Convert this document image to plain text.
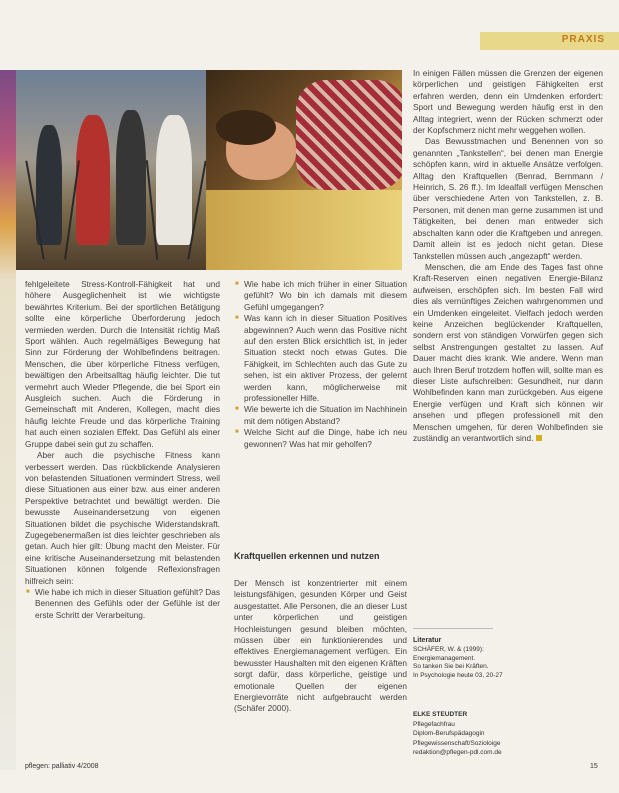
PRAXIS

fehlgeleitete Stress-Kontroll-Fähigkeit hat und höhere Ausgeglichenheit ist wie wichtigste bewährtes Kriterium. Bei der sportlichen Betätigung sollte eine körperliche Überforderung jedoch vermieden werden. Durch die Intensität richtig Maß Sport wählen. Auch regelmäßiges Bewegung hat Sinn zur Förderung der Wohlbefindens beitragen. Menschen, die über körperliche Fitness verfügen, bewältigen den Arbeitsalltag häufig leichter. Die tut vermehrt auch Wieder Pflegende, die bei Sport ein Ausgleich suchen. Auch die Förderung in Gemeinschaft mit Anderen, Kollegen, macht dies häufig leichte Freude und das körperliche Training hat auch einen sozialen Effekt. Das Gefühl als einer Gruppe dabei sein gut zu schaffen.

Aber auch die psychische Fitness kann verbessert werden. Das rückblickende Analysieren von belastenden Situationen vermindert Stress, weil diese Situationen aus einer bzw. aus einer anderen Perspektive betrachtet und bewältigt werden. Die bewusste Auseinandersetzung von eigenen Situationen bildet die psychische Widerstandskraft. Zugegebenermaßen ist dies leichter geschrieben als getan. Auch hier gilt: Übung macht den Meister. Für eine kritische Auseinandersetzung mit belastenden Situationen können folgende Reflexionsfragen hilfreich sein:

■ Wie habe ich mich in dieser Situation gefühlt? Das Benennen des Gefühls oder der Gefühle ist der erste Schritt der Verarbeitung.
■ Wie habe ich mich früher in einer Situation gefühlt? Wo bin ich damals mit diesem Gefühl umgegangen?
■ Was kann ich in dieser Situation Positives abgewinnen? Auch wenn das Positive nicht auf den ersten Blick ersichtlich ist, in jeder Situation steckt noch etwas Gutes. Die Fähigkeit, im Schlechten auch das Gute zu sehen, ist ein aktiver Prozess, der gelernt werden kann, möglicherweise mit professioneller Hilfe.
■ Wie bewerte ich die Situation im Nachhinein mit dem nötigen Abstand?
■ Welche Sicht auf die Dinge, habe ich neu gewonnen? Was hat mir geholfen?
Kraftquellen erkennen und nutzen

Der Mensch ist konzentrierter mit einem leistungsfähigen, gesunden Körper und Geist ausgestattet. Alle Personen, die an dieser Lust unter körperlichen und geistigen Hochleistungen gesund bleiben möchten, müssen über ein funktionierendes und effektives Energiemanagement verfügen. Ein bewusster Haushalten mit den eigenen Kräften sorgt dafür, dass körperliche, geistige und emotionale Quellen der eigenen Energievorräte nicht aufgebraucht werden (Schäfer 2000).

In einigen Fällen müssen die Grenzen der eigenen körperlichen und geistigen Fähigkeiten erst erfahren werden, denn ein Umdenken erfordert: Sport und Bewegung werden häufig erst in den Alltag integriert, wenn der Rücken schmerzt oder der Kopfschmerz nicht mehr weggehen wollen.

Das Bewusstmachen und Benennen von so genannten „Tankstellen“, bei denen man Energie schöpfen kann, wird in aktuelle Ansätze verfolgen. Alltag den Kraftquellen (Benrad, Bernmann / Heinrich, S. 26 ff.). Im Idealfall verfügen Menschen über verschiedene Arten von Tankstellen, z. B. Personen, mit denen man gerne zusammen ist und Tätigkeiten, bei denen man entweder sich abschalten kann oder die Kraftgeben und anregen. Damit allein ist es jedoch nicht getan. Diese Tankstellen müssen auch „angezapft“ werden.

Menschen, die am Ende des Tages fast ohne Kraft-Reserven einen negativen Energie-Bilanz aufweisen, erschöpfen sich. Im besten Fall wird dies als vernünftiges Zeichen wahrgenommen und ein Umdenken eingeleitet. Vielfach jedoch werden keine Anzeichen beglückender Kraftquellen, sondern erst von ständigen Vorwürfen gegen sich selbst Anstrengungen gestaltet zu lassen. Auf Dauer macht dies krank. Wie andere. Wenn man auch Ihren Beruf trotzdem hoffen will, sollte man es dieser Liste aufschreiben: Gesundheit, nur dann Wohlbefinden kann man zurückgeben. Aus eigene Energie verfügen und Kraft sich können wir ansehen und pflegen professionell mit den Menschen umgehen, für deren Wohlbefinden sie zuständig an verantwortlich sind.

Literatur
SCHÄFER, W. & (1999):
Energiemanagement.
So tanken Sie bei Kräften.
In Psychologie heute 03, 20-27
ELKE STEUDTER
Pflegefachfrau
Diplom-Berufspädagogin
Pflegewissenschaft/Sozioloige
redaktion@pflegen-pdl.com.de
pflegen: palliativ 4/2008	15
